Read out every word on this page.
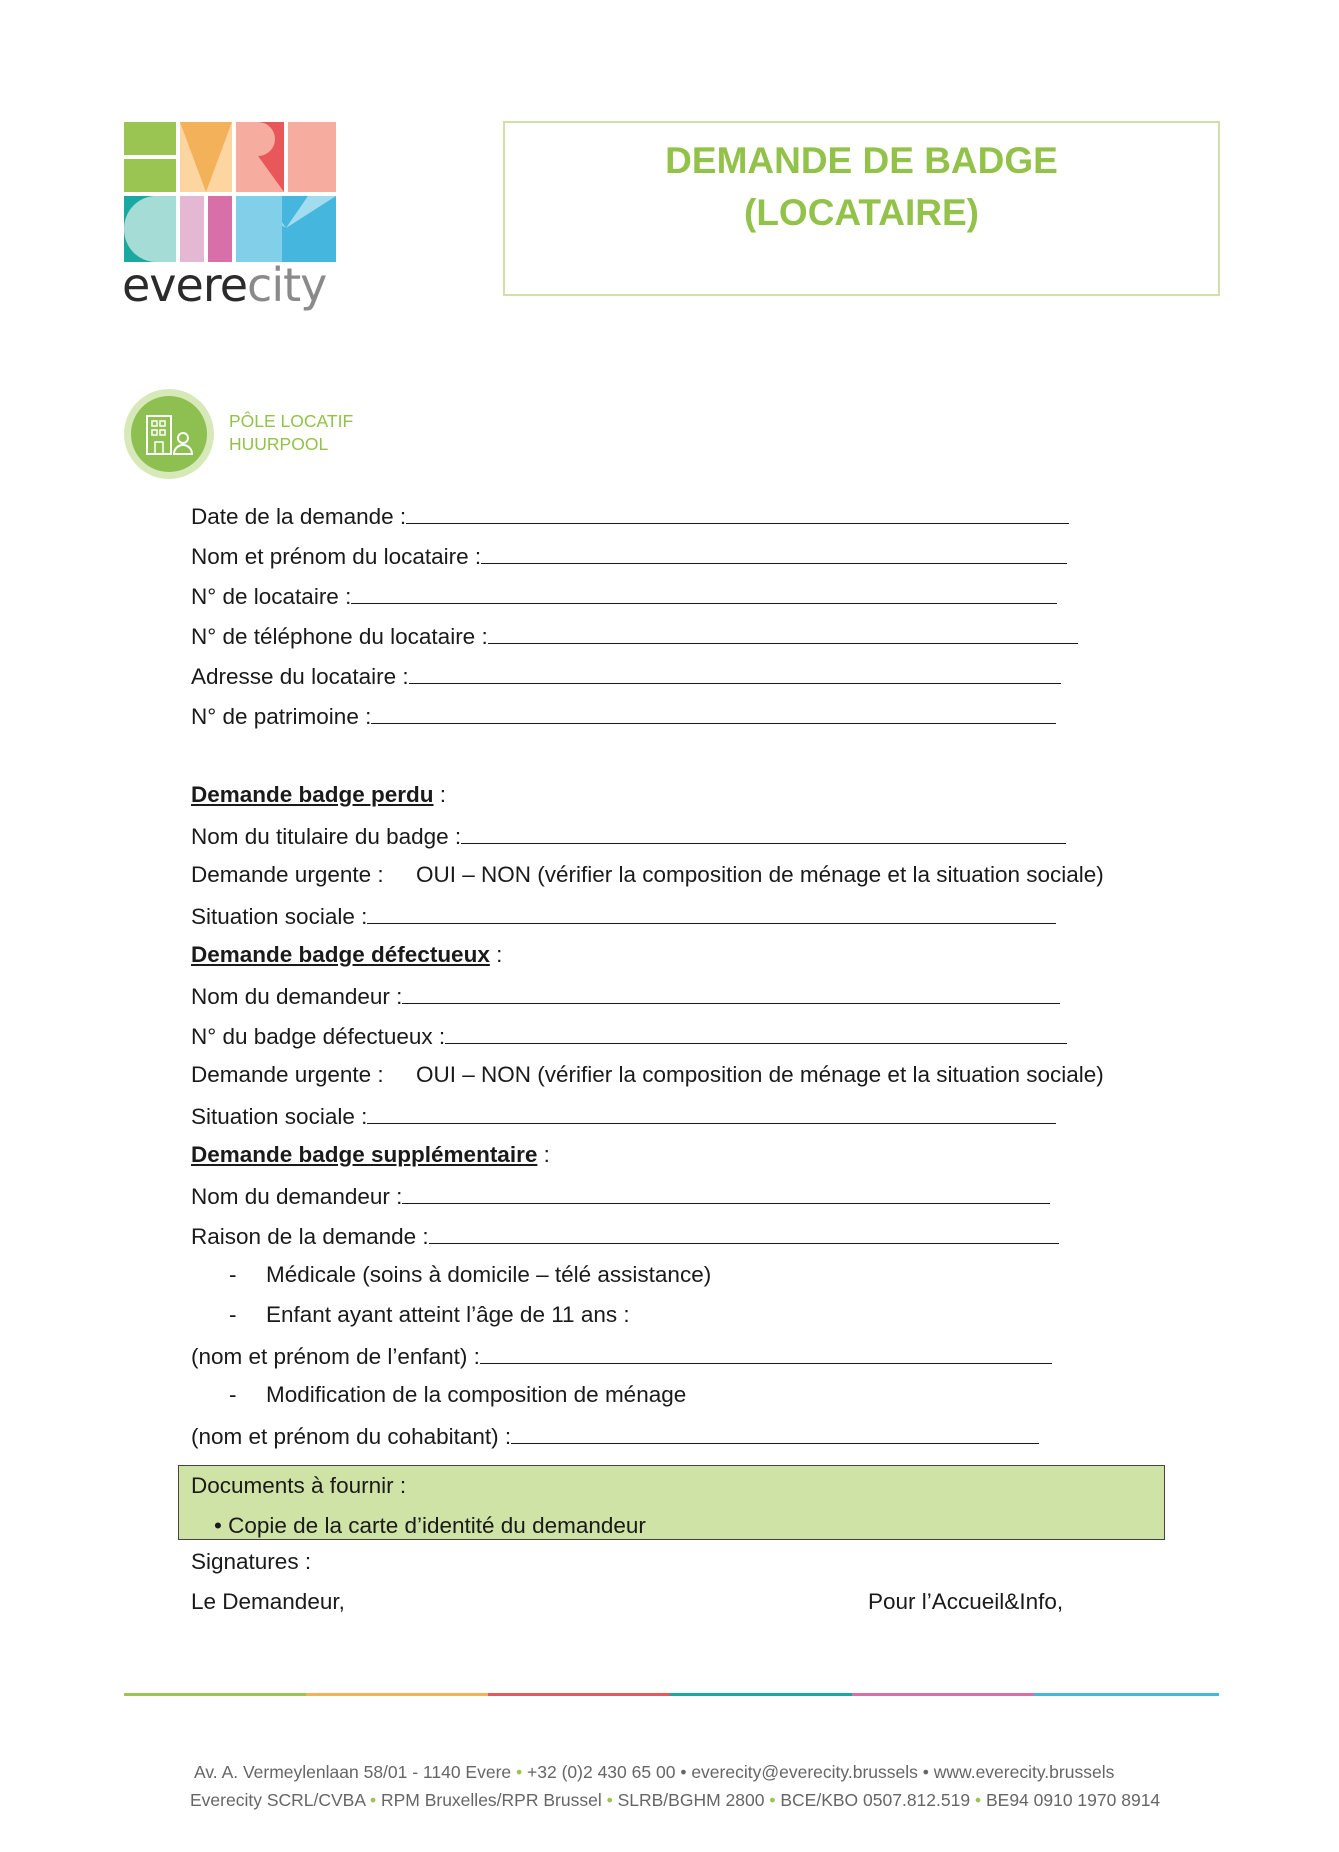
everecity
DEMANDE DE BADGE
(LOCATAIRE)
PÔLE LOCATIF
HUURPOOL
Date de la demande :
Nom et prénom du locataire :
N° de locataire :
N° de téléphone du locataire :
Adresse du locataire :
N° de patrimoine :
Demande badge perdu :
Nom du titulaire du badge :
Demande urgente : OUI – NON (vérifier la composition de ménage et la situation sociale)
Situation sociale :
Demande badge défectueux :
Nom du demandeur :
N° du badge défectueux :
Demande urgente : OUI – NON (vérifier la composition de ménage et la situation sociale)
Situation sociale :
Demande badge supplémentaire :
Nom du demandeur :
Raison de la demande :
- Médicale (soins à domicile – télé assistance)
- Enfant ayant atteint l’âge de 11 ans :
(nom et prénom de l’enfant) :
- Modification de la composition de ménage
(nom et prénom du cohabitant) :
Documents à fournir :
• Copie de la carte d’identité du demandeur
Signatures :
Le Demandeur,	Pour l’Accueil&Info,
Av. A. Vermeylenlaan 58/01 - 1140 Evere • +32 (0)2 430 65 00 • everecity@everecity.brussels • www.everecity.brussels
Everecity SCRL/CVBA • RPM Bruxelles/RPR Brussel • SLRB/BGHM 2800 • BCE/KBO 0507.812.519 • BE94 0910 1970 8914
